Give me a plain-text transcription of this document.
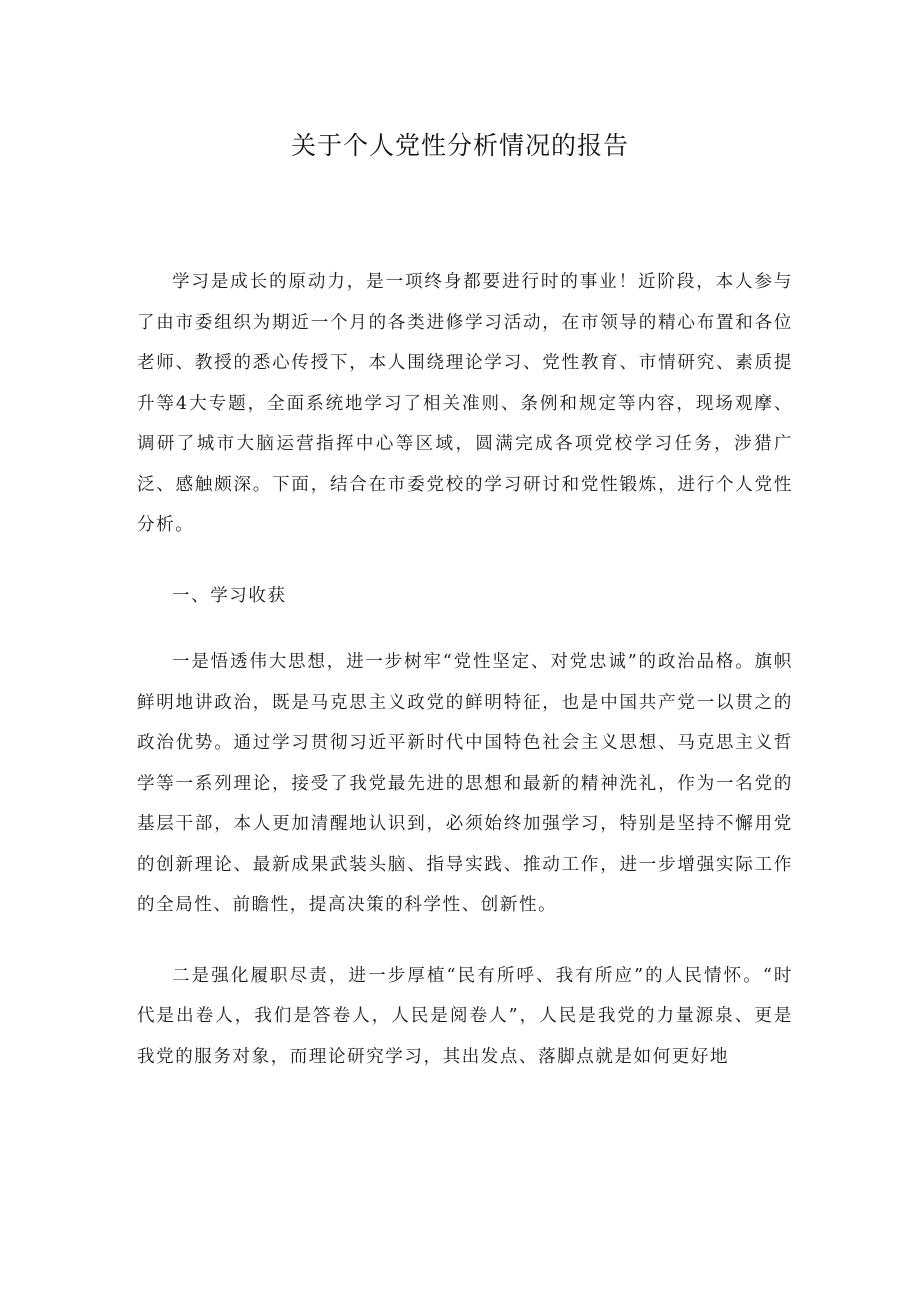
关于个人党性分析情况的报告

学习是成长的原动力，是一项终身都要进行时的事业！近阶段，本人参与了由市委组织为期近一个月的各类进修学习活动，在市领导的精心布置和各位老师、教授的悉心传授下，本人围绕理论学习、党性教育、市情研究、素质提升等4大专题，全面系统地学习了相关准则、条例和规定等内容，现场观摩、调研了城市大脑运营指挥中心等区域，圆满完成各项党校学习任务，涉猎广泛、感触颇深。下面，结合在市委党校的学习研讨和党性锻炼，进行个人党性分析。

一、学习收获

一是悟透伟大思想，进一步树牢“党性坚定、对党忠诚”的政治品格。旗帜鲜明地讲政治，既是马克思主义政党的鲜明特征，也是中国共产党一以贯之的政治优势。通过学习贯彻习近平新时代中国特色社会主义思想、马克思主义哲学等一系列理论，接受了我党最先进的思想和最新的精神洗礼，作为一名党的基层干部，本人更加清醒地认识到，必须始终加强学习，特别是坚持不懈用党的创新理论、最新成果武装头脑、指导实践、推动工作，进一步增强实际工作的全局性、前瞻性，提高决策的科学性、创新性。

二是强化履职尽责，进一步厚植“民有所呼、我有所应”的人民情怀。“时代是出卷人，我们是答卷人，人民是阅卷人”，人民是我党的力量源泉、更是我党的服务对象，而理论研究学习，其出发点、落脚点就是如何更好地
